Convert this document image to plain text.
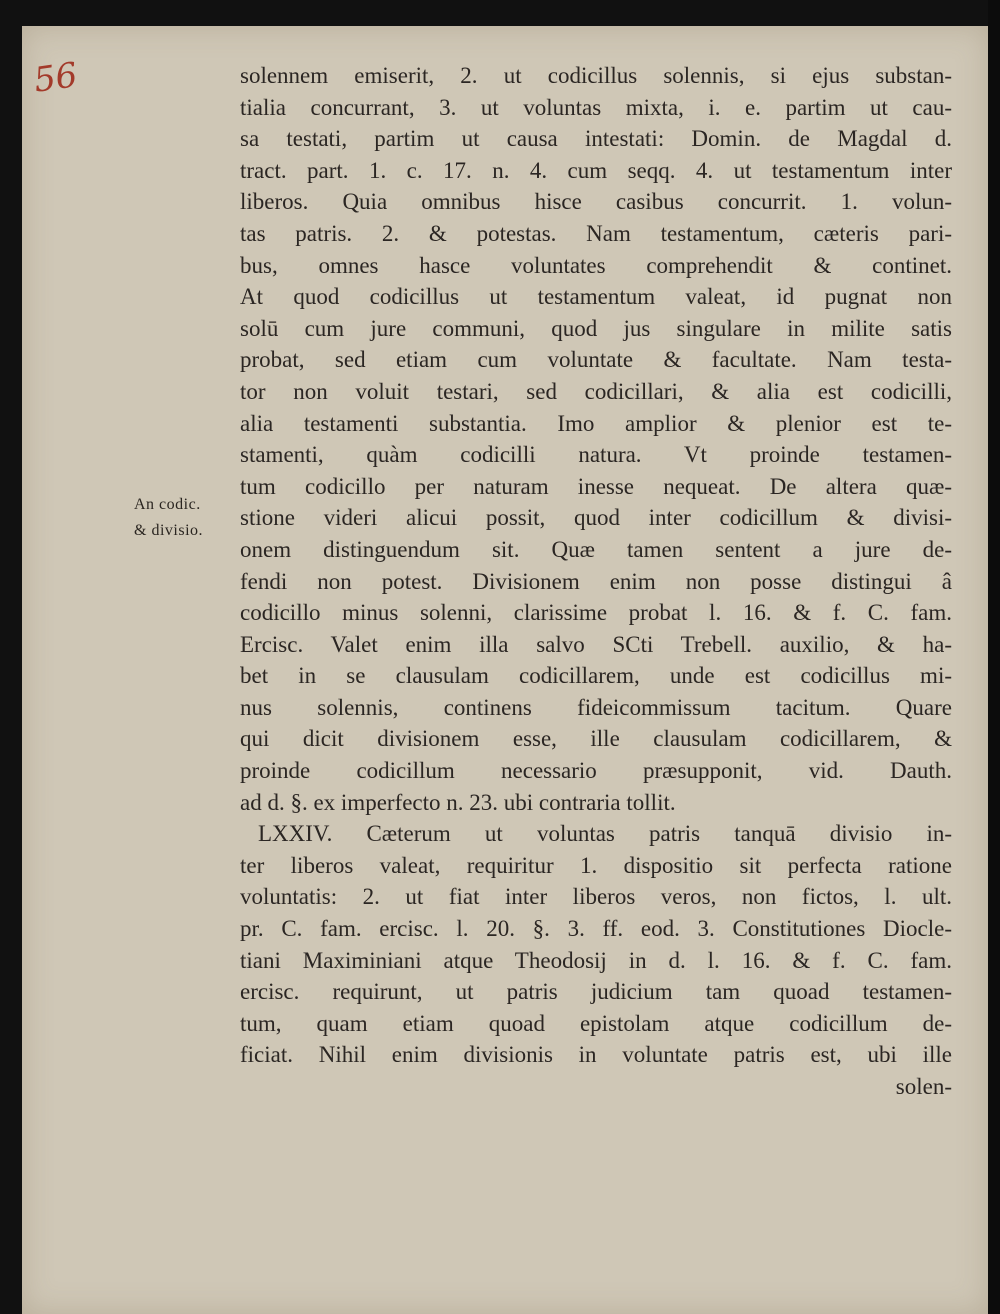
56
An codic.
& divisio.
solennem emiserit, 2. ut codicillus solennis, si ejus substan-
tialia concurrant, 3. ut voluntas mixta, i. e. partim ut cau-
sa testati, partim ut causa intestati: Domin. de Magdal d.
tract. part. 1. c. 17. n. 4. cum seqq. 4. ut testamentum inter
liberos. Quia omnibus hisce casibus concurrit. 1. volun-
tas patris. 2. & potestas. Nam testamentum, cæteris pari-
bus, omnes hasce voluntates comprehendit & continet.
At quod codicillus ut testamentum valeat, id pugnat non
solū cum jure communi, quod jus singulare in milite satis
probat, sed etiam cum voluntate & facultate. Nam testa-
tor non voluit testari, sed codicillari, & alia est codicilli,
alia testamenti substantia. Imo amplior & plenior est te-
stamenti, quàm codicilli natura. Vt proinde testamen-
tum codicillo per naturam inesse nequeat. De altera quæ-
stione videri alicui possit, quod inter codicillum & divisi-
onem distinguendum sit. Quæ tamen sentent a jure de-
fendi non potest. Divisionem enim non posse distingui â
codicillo minus solenni, clarissime probat l. 16. & f. C. fam.
Ercisc. Valet enim illa salvo SCti Trebell. auxilio, & ha-
bet in se clausulam codicillarem, unde est codicillus mi-
nus solennis, continens fideicommissum tacitum. Quare
qui dicit divisionem esse, ille clausulam codicillarem, &
proinde codicillum necessario præsupponit, vid. Dauth.
ad d. §. ex imperfecto n. 23. ubi contraria tollit.
LXXIV. Cæterum ut voluntas patris tanquā divisio in-
ter liberos valeat, requiritur 1. dispositio sit perfecta ratione
voluntatis: 2. ut fiat inter liberos veros, non fictos, l. ult.
pr. C. fam. ercisc. l. 20. §. 3. ff. eod. 3. Constitutiones Diocle-
tiani Maximiniani atque Theodosij in d. l. 16. & f. C. fam.
ercisc. requirunt, ut patris judicium tam quoad testamen-
tum, quam etiam quoad epistolam atque codicillum de-
ficiat. Nihil enim divisionis in voluntate patris est, ubi ille
solen-
